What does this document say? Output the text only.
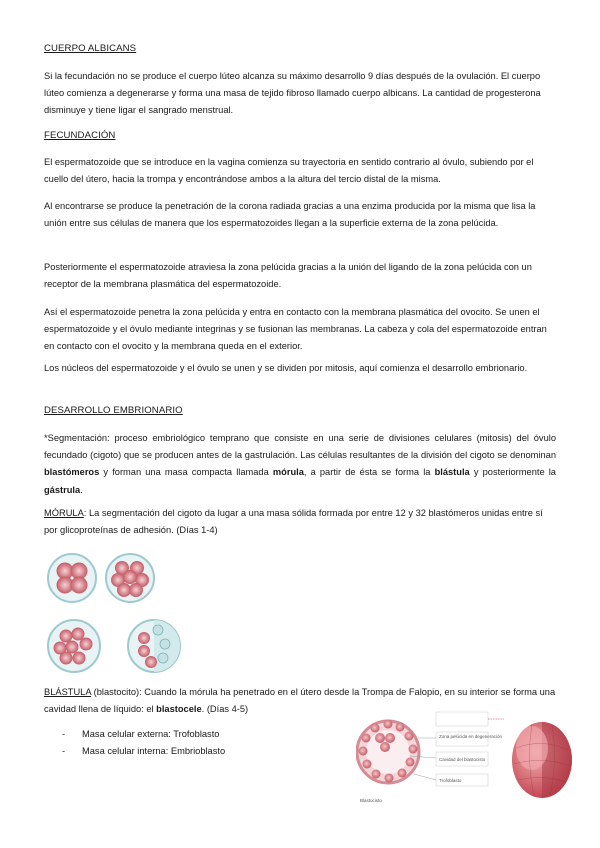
CUERPO ALBICANS
Si la fecundación no se produce el cuerpo lúteo alcanza su máximo desarrollo 9 días después de la ovulación. El cuerpo lúteo comienza a degenerarse y forma una masa de tejido fibroso llamado cuerpo albicans. La cantidad de progesterona disminuye y tiene ligar el sangrado menstrual.
FECUNDACIÓN
El espermatozoide que se introduce en la vagina comienza su trayectoria en sentido contrario al óvulo, subiendo por el cuello del útero, hacia la trompa y encontrándose ambos a la altura del tercio distal de la misma.
Al encontrarse se produce la penetración de la corona radiada gracias a una enzima producida por la misma que lisa la unión entre sus células de manera que los espermatozoides llegan a la superficie externa de la zona pelúcida.
Posteriormente el espermatozoide atraviesa la zona pelúcida gracias a la unión del ligando de la zona pelúcida con un receptor de la membrana plasmática del espermatozoide.
Así el espermatozoide penetra la zona pelúcida y entra en contacto con la membrana plasmática del ovocito. Se unen el espermatozoide y el óvulo mediante integrinas y se fusionan las membranas. La cabeza y cola del espermatozoide entran en contacto con el ovocito y la membrana queda en el exterior.
Los núcleos del espermatozoide y el óvulo se unen y se dividen por mitosis, aquí comienza el desarrollo embrionario.
DESARROLLO EMBRIONARIO
*Segmentación: proceso embriológico temprano que consiste en una serie de divisiones celulares (mitosis) del óvulo fecundado (cigoto) que se producen antes de la gastrulación. Las células resultantes de la división del cigoto se denominan blastómeros y forman una masa compacta llamada mórula, a partir de ésta se forma la blástula y posteriormente la gástrula.
MÓRULA: La segmentación del cigoto da lugar a una masa sólida formada por entre 12 y 32 blastómeros unidas entre sí por glicoproteínas de adhesión. (Días 1-4)
BLÁSTULA (blastocito): Cuando la mórula ha penetrado en el útero desde la Trompa de Falopio, en su interior se forma una cavidad llena de líquido: el blastocele. (Días 4-5)
-	Masa celular externa: Trofoblasto
-	Masa celular interna: Embrioblasto
Blastocisto
Zona pelúcida en degeneración
Cavidad del blastocisto
Trofoblasto
